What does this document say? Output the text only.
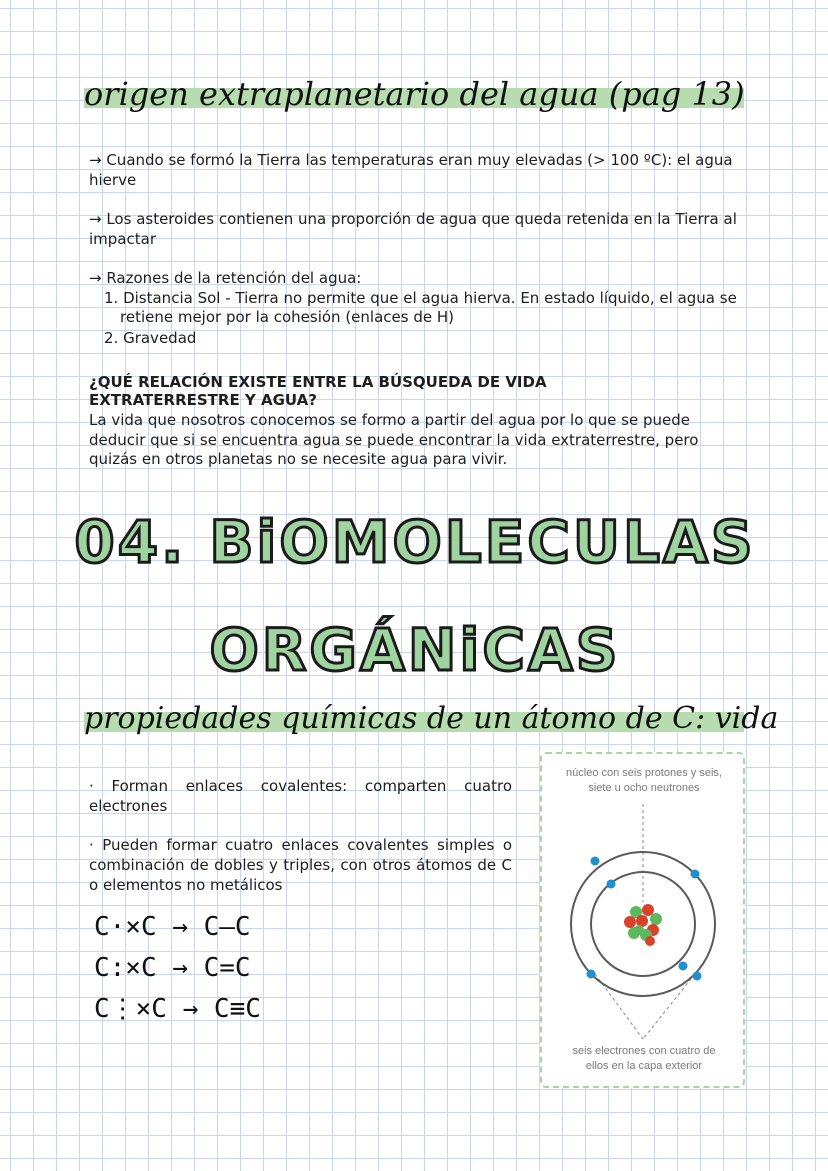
origen extraplanetario del agua (pag 13)
→ Cuando se formó la Tierra las temperaturas eran muy elevadas (> 100 ºC): el agua hierve
→ Los asteroides contienen una proporción de agua que queda retenida en la Tierra al impactar
→ Razones de la retención del agua:
1. Distancia Sol - Tierra no permite que el agua hierva. En estado líquido, el agua se retiene mejor por la cohesión (enlaces de H)
2. Gravedad
¿QUÉ RELACIÓN EXISTE ENTRE LA BÚSQUEDA DE VIDA EXTRATERRESTRE Y AGUA?
La vida que nosotros conocemos se formo a partir del agua por lo que se puede deducir que si se encuentra agua se puede encontrar la vida extraterrestre, pero quizás en otros planetas no se necesite agua para vivir.
04. BiOMOLECULAS
ORGÁNiCAS
propiedades químicas de un átomo de C: vida
· Forman enlaces covalentes: comparten cuatro electrones
· Pueden formar cuatro enlaces covalentes simples o combinación de dobles y triples, con otros átomos de C o elementos no metálicos
C·×C → C–C
C:×C → C=C
C⋮×C → C≡C
núcleo con seis protones y seis, siete u ocho neutrones
seis electrones con cuatro de ellos en la capa exterior
